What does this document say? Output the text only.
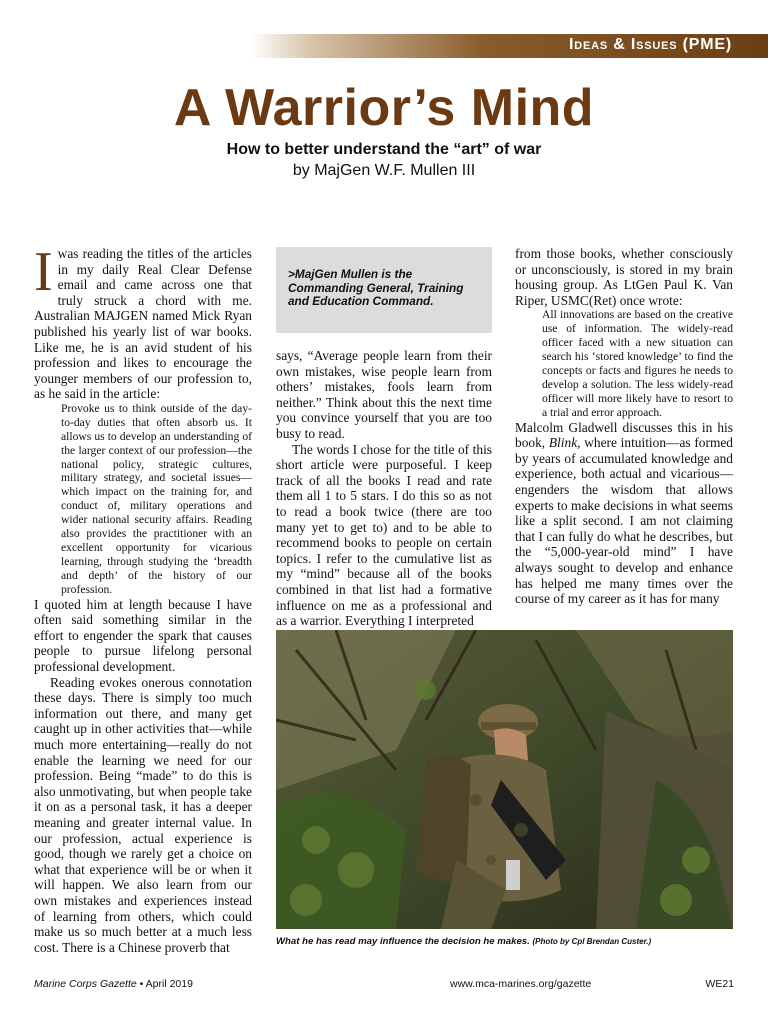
Ideas & Issues (PME)
A Warrior’s Mind
How to better understand the “art” of war
by MajGen W.F. Mullen III

Iwas reading the titles of the articles in my daily Real Clear Defense email and came across one that truly struck a chord with me. Australian MAJGEN named Mick Ryan published his yearly list of war books. Like me, he is an avid student of his profession and likes to encourage the younger members of our profession to, as he said in the article:

Provoke us to think outside of the day-to-day duties that often absorb us. It allows us to develop an understanding of the larger context of our profession—the national policy, strategic cultures, military strategy, and societal issues—which impact on the training for, and conduct of, military operations and wider national security affairs. Reading also provides the practitioner with an excellent opportunity for vicarious learning, through studying the ‘breadth and depth’ of the history of our profession.

I quoted him at length because I have often said something similar in the effort to engender the spark that causes people to pursue lifelong personal professional development.

Reading evokes onerous connotation these days. There is simply too much information out there, and many get caught up in other activities that—while much more entertaining—really do not enable the learning we need for our profession. Being “made” to do this is also unmotivating, but when people take it on as a personal task, it has a deeper meaning and greater internal value. In our profession, actual experience is good, though we rarely get a choice on what that experience will be or when it will happen. We also learn from our own mistakes and experiences instead of learning from others, which could make us so much better at a much less cost. There is a Chinese proverb that

>MajGen Mullen is the Commanding General, Training and Education Command.

says, “Average people learn from their own mistakes, wise people learn from others’ mistakes, fools learn from neither.” Think about this the next time you convince yourself that you are too busy to read.

The words I chose for the title of this short article were purposeful. I keep track of all the books I read and rate them all 1 to 5 stars. I do this so as not to read a book twice (there are too many yet to get to) and to be able to recommend books to people on certain topics. I refer to the cumulative list as my “mind” because all of the books combined in that list had a formative influence on me as a professional and as a warrior. Everything I interpreted

from those books, whether consciously or unconsciously, is stored in my brain housing group. As LtGen Paul K. Van Riper, USMC(Ret) once wrote:

All innovations are based on the creative use of information. The widely-read officer faced with a new situation can search his ‘stored knowledge’ to find the concepts or facts and figures he needs to develop a solution. The less widely-read officer will more likely have to resort to a trial and error approach.

Malcolm Gladwell discusses this in his book, Blink, where intuition—as formed by years of accumulated knowledge and experience, both actual and vicarious—engenders the wisdom that allows experts to make decisions in what seems like a split second. I am not claiming that I can fully do what he describes, but the “5,000-year-old mind” I have always sought to develop and enhance has helped me many times over the course of my career as it has for many

What he has read may influence the decision he makes. (Photo by Cpl Brendan Custer.)
Marine Corps Gazette • April 2019	www.mca-marines.org/gazette	WE21
